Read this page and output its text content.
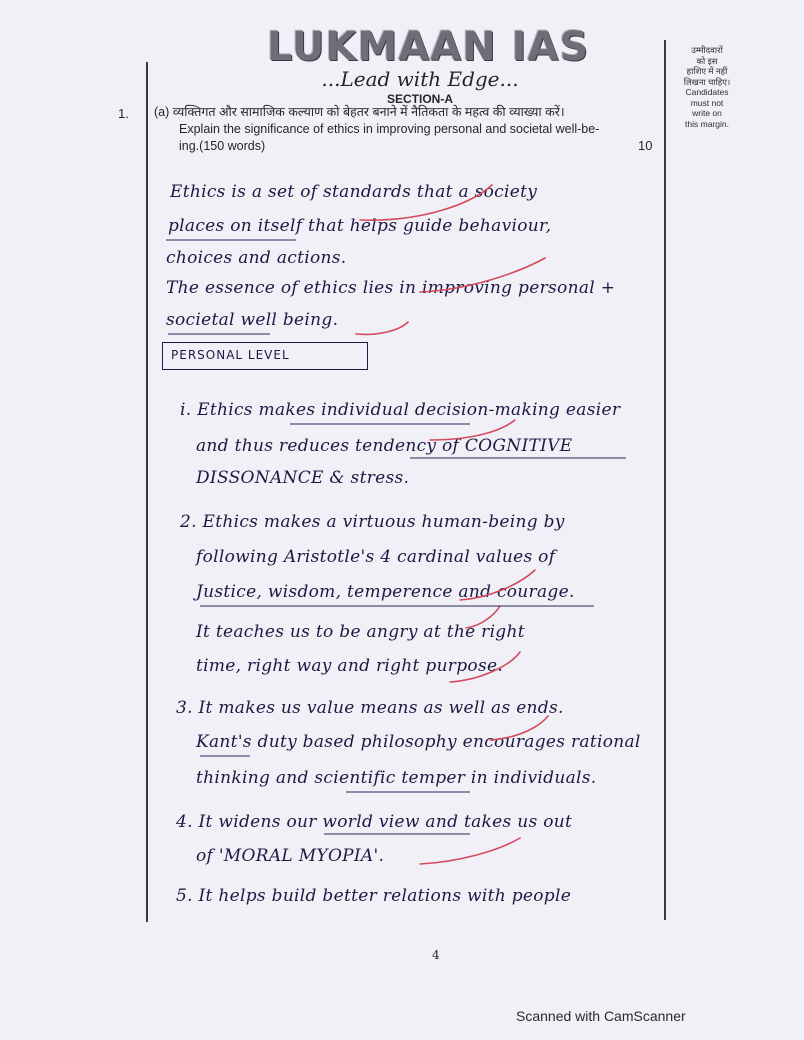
LUKMAAN IAS
...Lead with Edge...
SECTION-A
उम्मीदवारों
को इस
हाशिए में नहीं
लिखना चाहिए।
Candidates
must not
write on
this margin.
1. (a) व्यक्तिगत और सामाजिक कल्याण को बेहतर बनाने में नैतिकता के महत्व की व्याख्या करें।
Explain the significance of ethics in improving personal and societal well-be-
ing.(150 words)	10
Ethics is a set of standards that a society
places on itself that helps guide behaviour,
choices and actions.
The essence of ethics lies in improving personal +
societal well being.
PERSONAL LEVEL
i. Ethics makes individual decision-making easier
and thus reduces tendency of COGNITIVE
DISSONANCE & stress.
2. Ethics makes a virtuous human-being by
following Aristotle's 4 cardinal values of
Justice, wisdom, temperence and courage.
It teaches us to be angry at the right
time, right way and right purpose.
3. It makes us value means as well as ends.
Kant's duty based philosophy encourages rational
thinking and scientific temper in individuals.
4. It widens our world view and takes us out
of 'MORAL MYOPIA'.
5. It helps build better relations with people
4
Scanned with CamScanner
